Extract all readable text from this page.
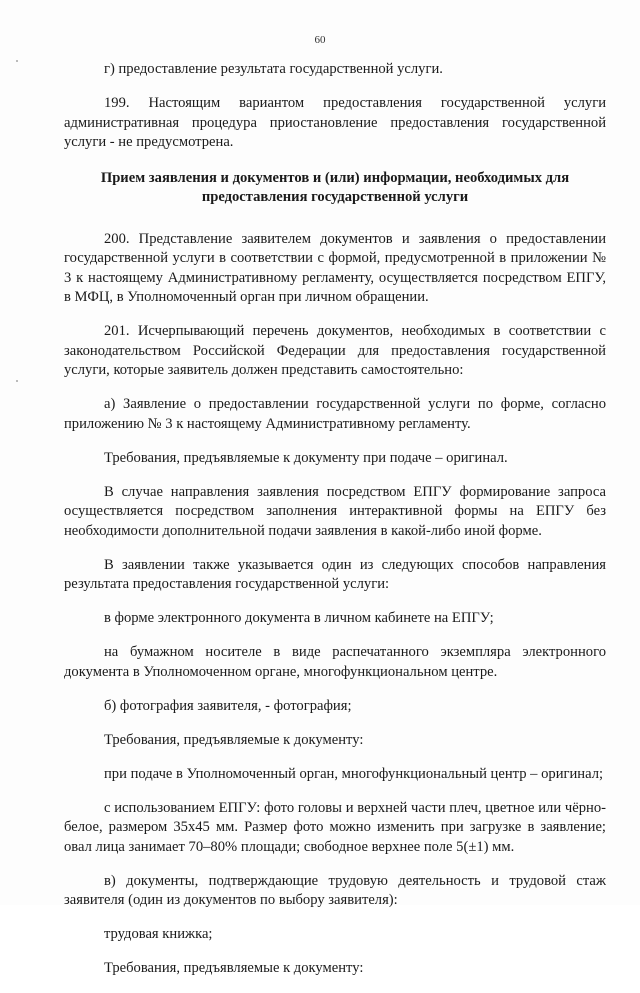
60

г) предоставление результата государственной услуги.

199. Настоящим вариантом предоставления государственной услуги административная процедура приостановление предоставления государственной услуги - не предусмотрена.

Прием заявления и документов и (или) информации, необходимых для предоставления государственной услуги

200. Представление заявителем документов и заявления о предоставлении государственной услуги в соответствии с формой, предусмотренной в приложении № 3 к настоящему Административному регламенту, осуществляется посредством ЕПГУ, в МФЦ, в Уполномоченный орган при личном обращении.

201. Исчерпывающий перечень документов, необходимых в соответствии с законодательством Российской Федерации для предоставления государственной услуги, которые заявитель должен представить самостоятельно:

а) Заявление о предоставлении государственной услуги по форме, согласно приложению № 3 к настоящему Административному регламенту.

Требования, предъявляемые к документу при подаче – оригинал.

В случае направления заявления посредством ЕПГУ формирование запроса осуществляется посредством заполнения интерактивной формы на ЕПГУ без необходимости дополнительной подачи заявления в какой-либо иной форме.

В заявлении также указывается один из следующих способов направления результата предоставления государственной услуги:

в форме электронного документа в личном кабинете на ЕПГУ;

на бумажном носителе в виде распечатанного экземпляра электронного документа в Уполномоченном органе, многофункциональном центре.

б) фотография заявителя, - фотография;

Требования, предъявляемые к документу:

при подаче в Уполномоченный орган, многофункциональный центр – оригинал;

с использованием ЕПГУ: фото головы и верхней части плеч, цветное или чёрно-белое, размером 35х45 мм. Размер фото можно изменить при загрузке в заявление; овал лица занимает 70–80% площади; свободное верхнее поле 5(±1) мм.

в) документы, подтверждающие трудовую деятельность и трудовой стаж заявителя (один из документов по выбору заявителя):

трудовая книжка;

Требования, предъявляемые к документу:
